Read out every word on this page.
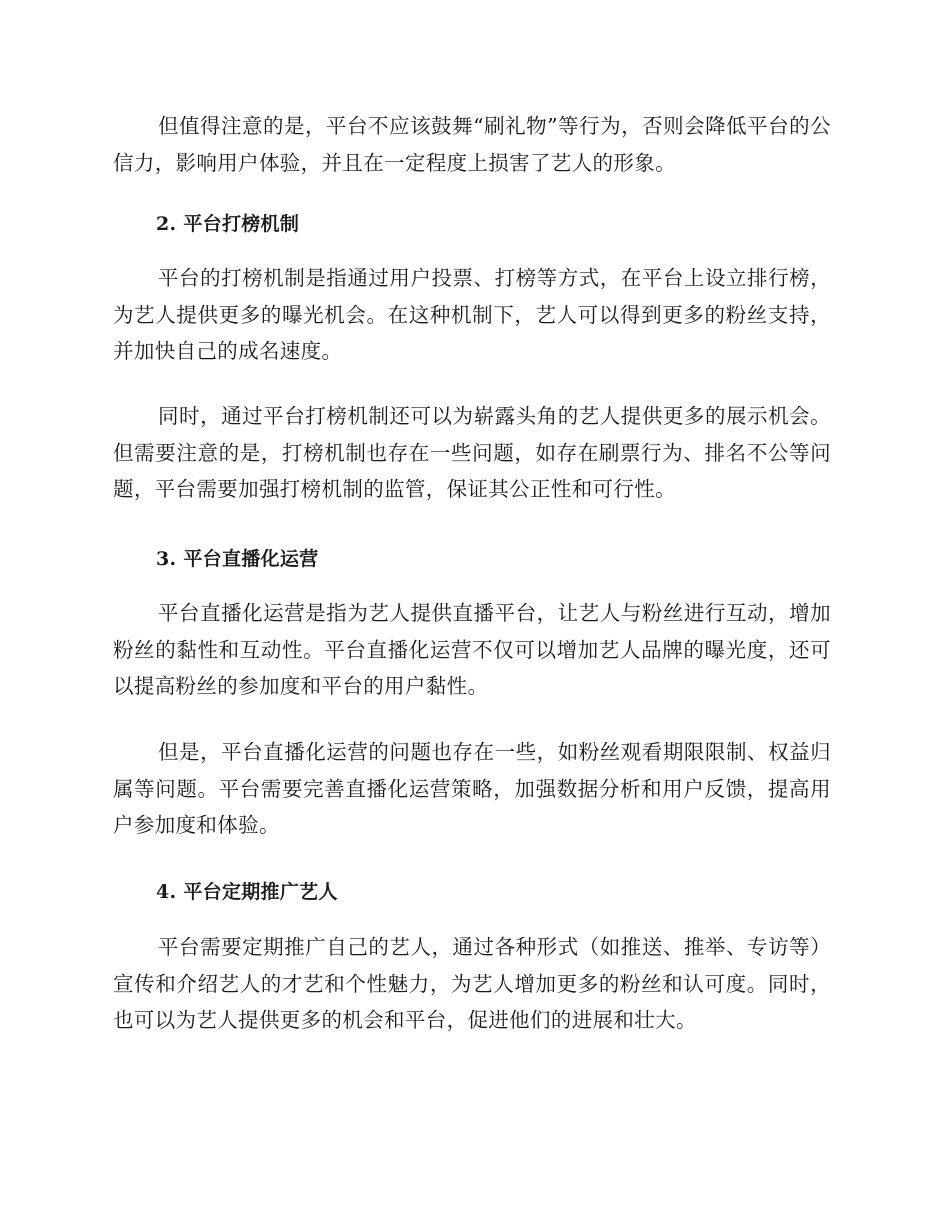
但值得注意的是，平台不应该鼓舞“刷礼物”等行为，否则会降低平台的公信力，影响用户体验，并且在一定程度上损害了艺人的形象。

2. 平台打榜机制

平台的打榜机制是指通过用户投票、打榜等方式，在平台上设立排行榜，为艺人提供更多的曝光机会。在这种机制下，艺人可以得到更多的粉丝支持，并加快自己的成名速度。

同时，通过平台打榜机制还可以为崭露头角的艺人提供更多的展示机会。但需要注意的是，打榜机制也存在一些问题，如存在刷票行为、排名不公等问题，平台需要加强打榜机制的监管，保证其公正性和可行性。

3. 平台直播化运营

平台直播化运营是指为艺人提供直播平台，让艺人与粉丝进行互动，增加粉丝的黏性和互动性。平台直播化运营不仅可以增加艺人品牌的曝光度，还可以提高粉丝的参加度和平台的用户黏性。

但是，平台直播化运营的问题也存在一些，如粉丝观看期限限制、权益归属等问题。平台需要完善直播化运营策略，加强数据分析和用户反馈，提高用户参加度和体验。

4. 平台定期推广艺人

平台需要定期推广自己的艺人，通过各种形式（如推送、推举、专访等）宣传和介绍艺人的才艺和个性魅力，为艺人增加更多的粉丝和认可度。同时，也可以为艺人提供更多的机会和平台，促进他们的进展和壮大。
